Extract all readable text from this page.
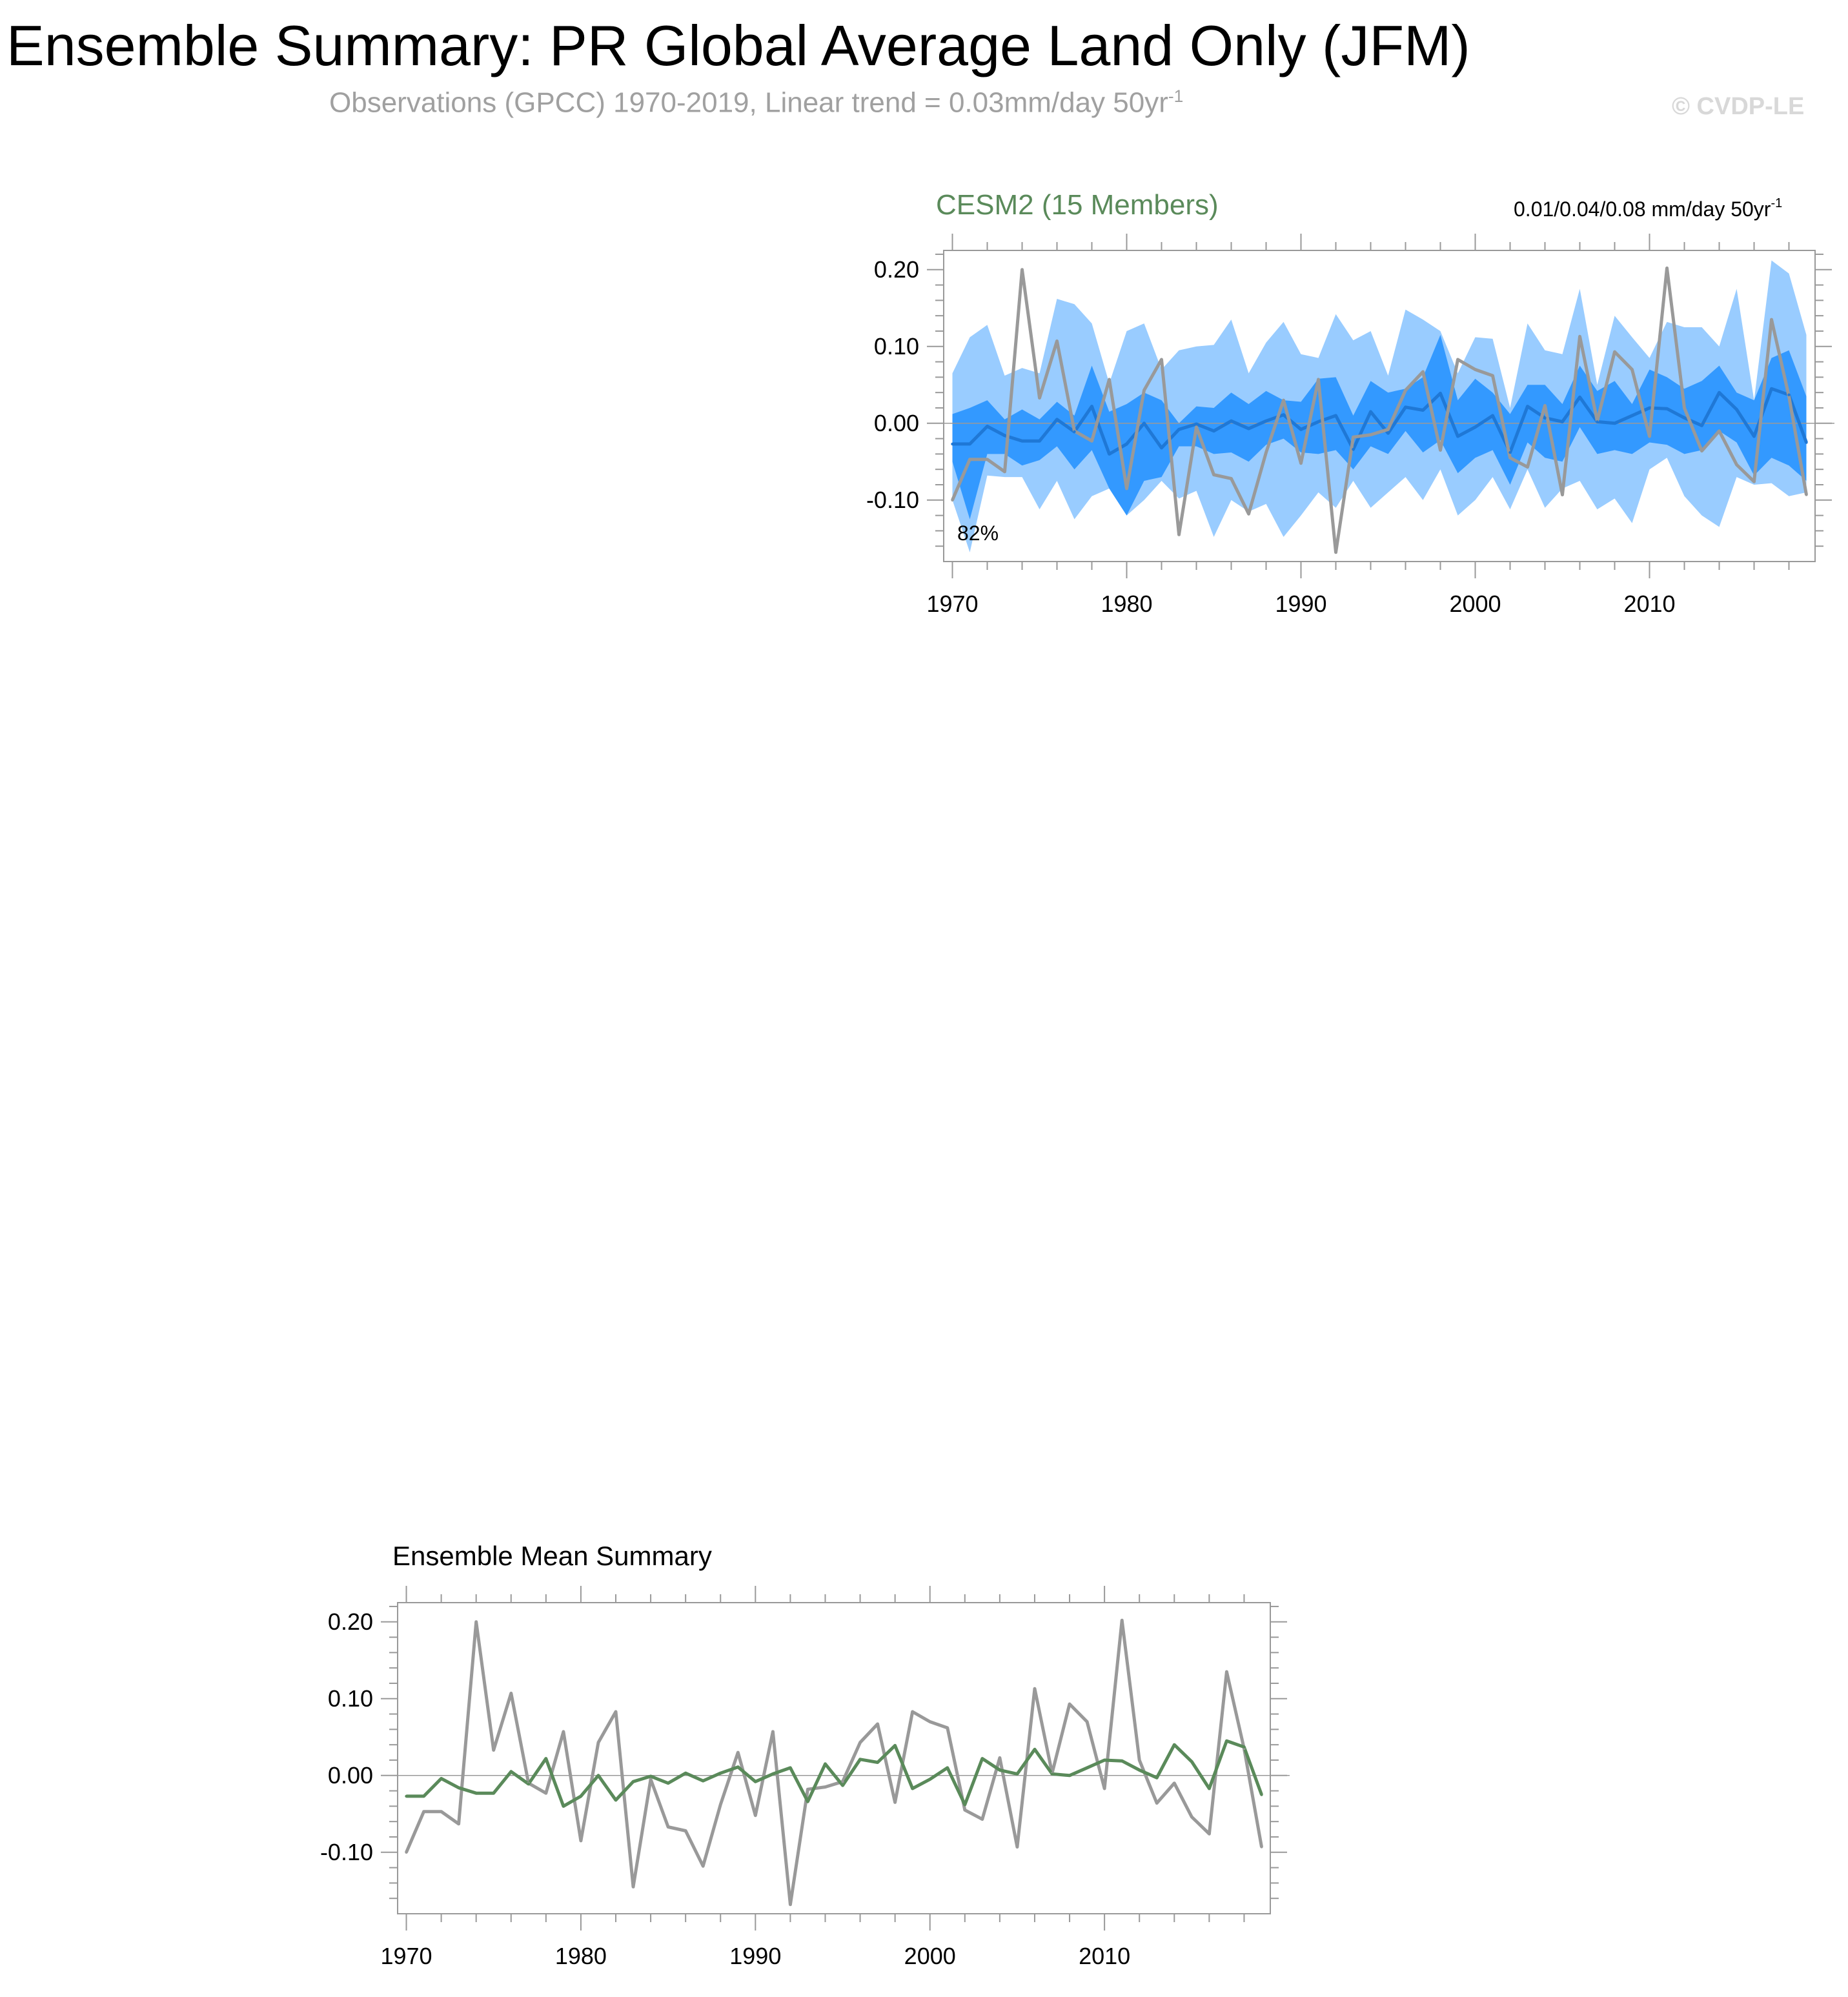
Ensemble Summary: PR Global Average Land Only (JFM)
Observations (GPCC) 1970-2019, Linear trend = 0.03mm/day $50yr^{-1}$	© CVDP-LE
CESM2 (15 Members)	0.01/0.04/0.08 mm/day $50yr^{-1}$
0.20
0.10
0.00
-0.10
1970	1980	1990	2000	2010
82%
Ensemble Mean Summary
0.20
0.10
0.00
-0.10
1970	1980	1990	2000	2010
